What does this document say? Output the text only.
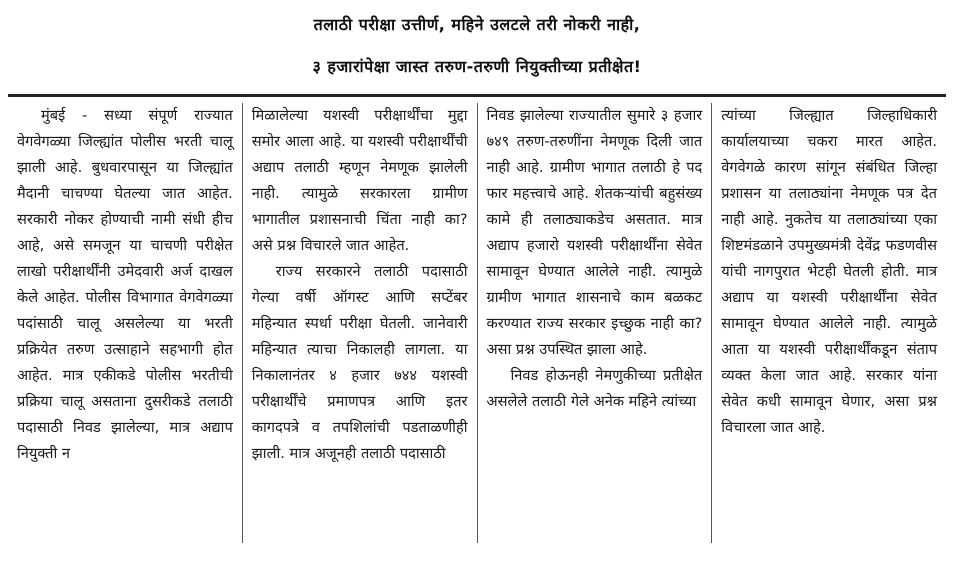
तलाठी परीक्षा उत्तीर्ण, महिने उलटले तरी नोकरी नाही,
३ हजारांपेक्षा जास्त तरुण-तरुणी नियुक्तीच्या प्रतीक्षेत!

मुंबई - सध्या संपूर्ण राज्यात वेगवेगळ्या जिल्ह्यांत पोलीस भरती चालू झाली आहे. बुधवारपासून या जिल्ह्यांत मैदानी चाचण्या घेतल्या जात आहेत. सरकारी नोकर होण्याची नामी संधी हीच आहे, असे समजून या चाचणी परीक्षेत लाखो परीक्षार्थींनी उमेदवारी अर्ज दाखल केले आहेत. पोलीस विभागात वेगवेगळ्या पदांसाठी चालू असलेल्या या भरती प्रक्रियेत तरुण उत्साहाने सहभागी होत आहेत. मात्र एकीकडे पोलीस भरतीची प्रक्रिया चालू असताना दुसरीकडे तलाठी पदासाठी निवड झालेल्या, मात्र अद्याप नियुक्ती न

मिळालेल्या यशस्वी परीक्षार्थींचा मुद्दा समोर आला आहे. या यशस्वी परीक्षार्थींची अद्याप तलाठी म्हणून नेमणूक झालेली नाही. त्यामुळे सरकारला ग्रामीण भागातील प्रशासनाची चिंता नाही का? असे प्रश्न विचारले जात आहेत.

राज्य सरकारने तलाठी पदासाठी गेल्या वर्षी ऑगस्ट आणि सप्टेंबर महिन्यात स्पर्धा परीक्षा घेतली. जानेवारी महिन्यात त्याचा निकालही लागला. या निकालानंतर ४ हजार ७४४ यशस्वी परीक्षार्थींचे प्रमाणपत्र आणि इतर कागदपत्रे व तपशिलांची पडताळणीही झाली. मात्र अजूनही तलाठी पदासाठी

निवड झालेल्या राज्यातील सुमारे ३ हजार ७४९ तरुण-तरुणींना नेमणूक दिली जात नाही आहे. ग्रामीण भागात तलाठी हे पद फार महत्त्वाचे आहे. शेतकऱ्यांची बहुसंख्य कामे ही तलाठ्याकडेच असतात. मात्र अद्याप हजारो यशस्वी परीक्षार्थींना सेवेत सामावून घेण्यात आलेले नाही. त्यामुळे ग्रामीण भागात शासनाचे काम बळकट करण्यात राज्य सरकार इच्छुक नाही का? असा प्रश्न उपस्थित झाला आहे.

निवड होऊनही नेमणुकीच्या प्रतीक्षेत असलेले तलाठी गेले अनेक महिने त्यांच्या

त्यांच्या जिल्ह्यात जिल्हाधिकारी कार्यालयाच्या चकरा मारत आहेत. वेगवेगळे कारण सांगून संबंधित जिल्हा प्रशासन या तलाठ्यांना नेमणूक पत्र देत नाही आहे. नुकतेच या तलाठ्यांच्या एका शिष्टमंडळाने उपमुख्यमंत्री देवेंद्र फडणवीस यांची नागपुरात भेटही घेतली होती. मात्र अद्याप या यशस्वी परीक्षार्थींना सेवेत सामावून घेण्यात आलेले नाही. त्यामुळे आता या यशस्वी परीक्षार्थींकडून संताप व्यक्त केला जात आहे. सरकार यांना सेवेत कधी सामावून घेणार, असा प्रश्न विचारला जात आहे.
